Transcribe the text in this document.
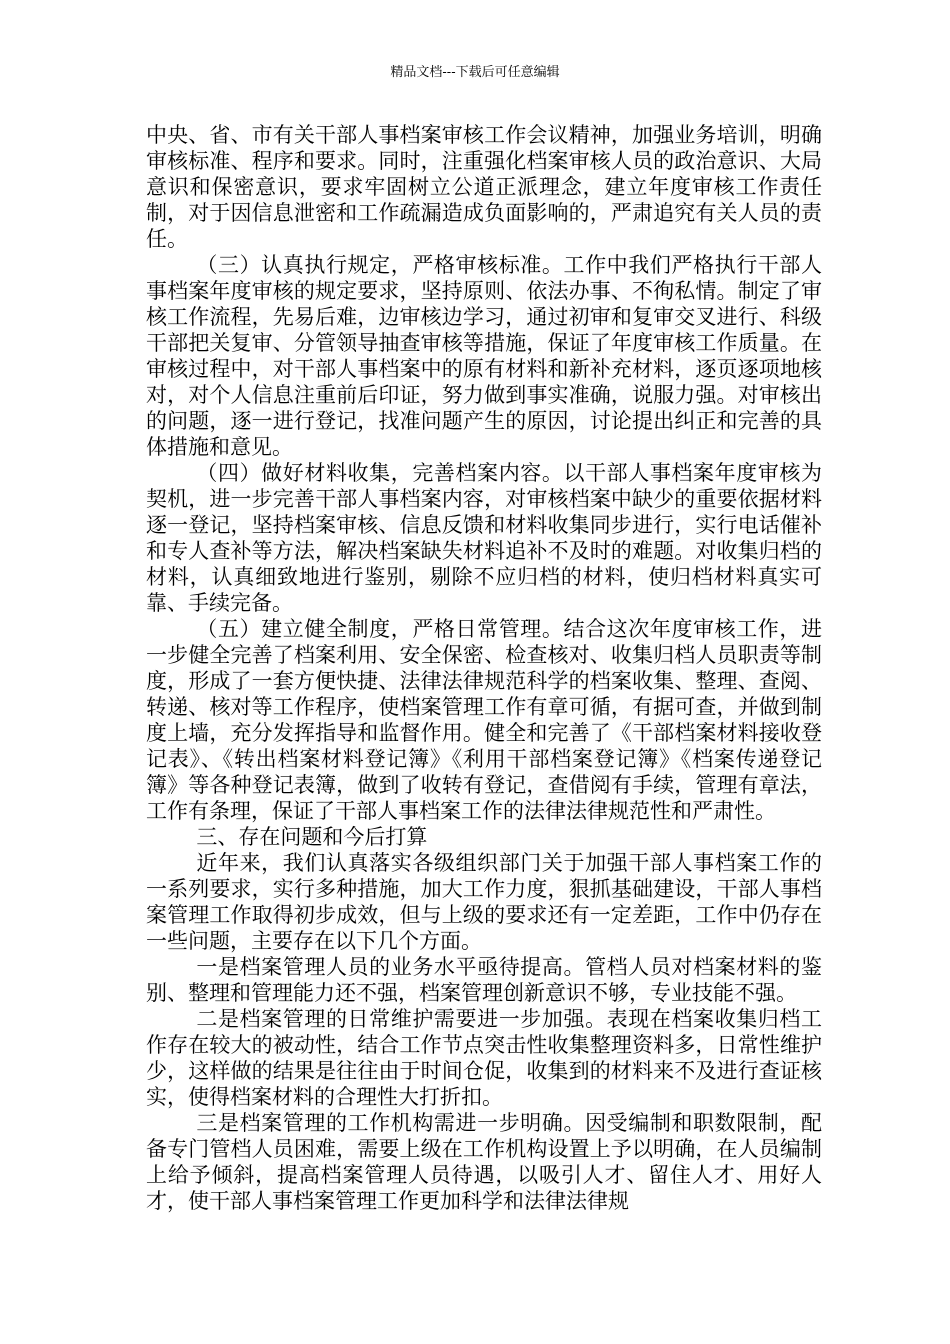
精品文档---下载后可任意编辑

中央、省、市有关干部人事档案审核工作会议精神，加强业务培训，明确审核标准、程序和要求。同时，注重强化档案审核人员的政治意识、大局意识和保密意识，要求牢固树立公道正派理念，建立年度审核工作责任制，对于因信息泄密和工作疏漏造成负面影响的，严肃追究有关人员的责任。

（三）认真执行规定，严格审核标准。工作中我们严格执行干部人事档案年度审核的规定要求，坚持原则、依法办事、不徇私情。制定了审核工作流程，先易后难，边审核边学习，通过初审和复审交叉进行、科级干部把关复审、分管领导抽查审核等措施，保证了年度审核工作质量。在审核过程中，对干部人事档案中的原有材料和新补充材料，逐页逐项地核对，对个人信息注重前后印证，努力做到事实准确，说服力强。对审核出的问题，逐一进行登记，找准问题产生的原因，讨论提出纠正和完善的具体措施和意见。

（四）做好材料收集，完善档案内容。以干部人事档案年度审核为契机，进一步完善干部人事档案内容，对审核档案中缺少的重要依据材料逐一登记，坚持档案审核、信息反馈和材料收集同步进行，实行电话催补和专人查补等方法，解决档案缺失材料追补不及时的难题。对收集归档的材料，认真细致地进行鉴别，剔除不应归档的材料，使归档材料真实可靠、手续完备。

（五）建立健全制度，严格日常管理。结合这次年度审核工作，进一步健全完善了档案利用、安全保密、检查核对、收集归档人员职责等制度，形成了一套方便快捷、法律法律规范科学的档案收集、整理、查阅、转递、核对等工作程序，使档案管理工作有章可循，有据可查，并做到制度上墙，充分发挥指导和监督作用。健全和完善了《干部档案材料接收登记表》、《转出档案材料登记簿》《利用干部档案登记簿》《档案传递登记簿》等各种登记表簿，做到了收转有登记，查借阅有手续，管理有章法，工作有条理，保证了干部人事档案工作的法律法律规范性和严肃性。

三、存在问题和今后打算

近年来，我们认真落实各级组织部门关于加强干部人事档案工作的一系列要求，实行多种措施，加大工作力度，狠抓基础建设，干部人事档案管理工作取得初步成效，但与上级的要求还有一定差距，工作中仍存在一些问题，主要存在以下几个方面。

一是档案管理人员的业务水平亟待提高。管档人员对档案材料的鉴别、整理和管理能力还不强，档案管理创新意识不够，专业技能不强。

二是档案管理的日常维护需要进一步加强。表现在档案收集归档工作存在较大的被动性，结合工作节点突击性收集整理资料多，日常性维护少，这样做的结果是往往由于时间仓促，收集到的材料来不及进行查证核实，使得档案材料的合理性大打折扣。

三是档案管理的工作机构需进一步明确。因受编制和职数限制，配备专门管档人员困难，需要上级在工作机构设置上予以明确，在人员编制上给予倾斜，提高档案管理人员待遇，以吸引人才、留住人才、用好人才，使干部人事档案管理工作更加科学和法律法律规
